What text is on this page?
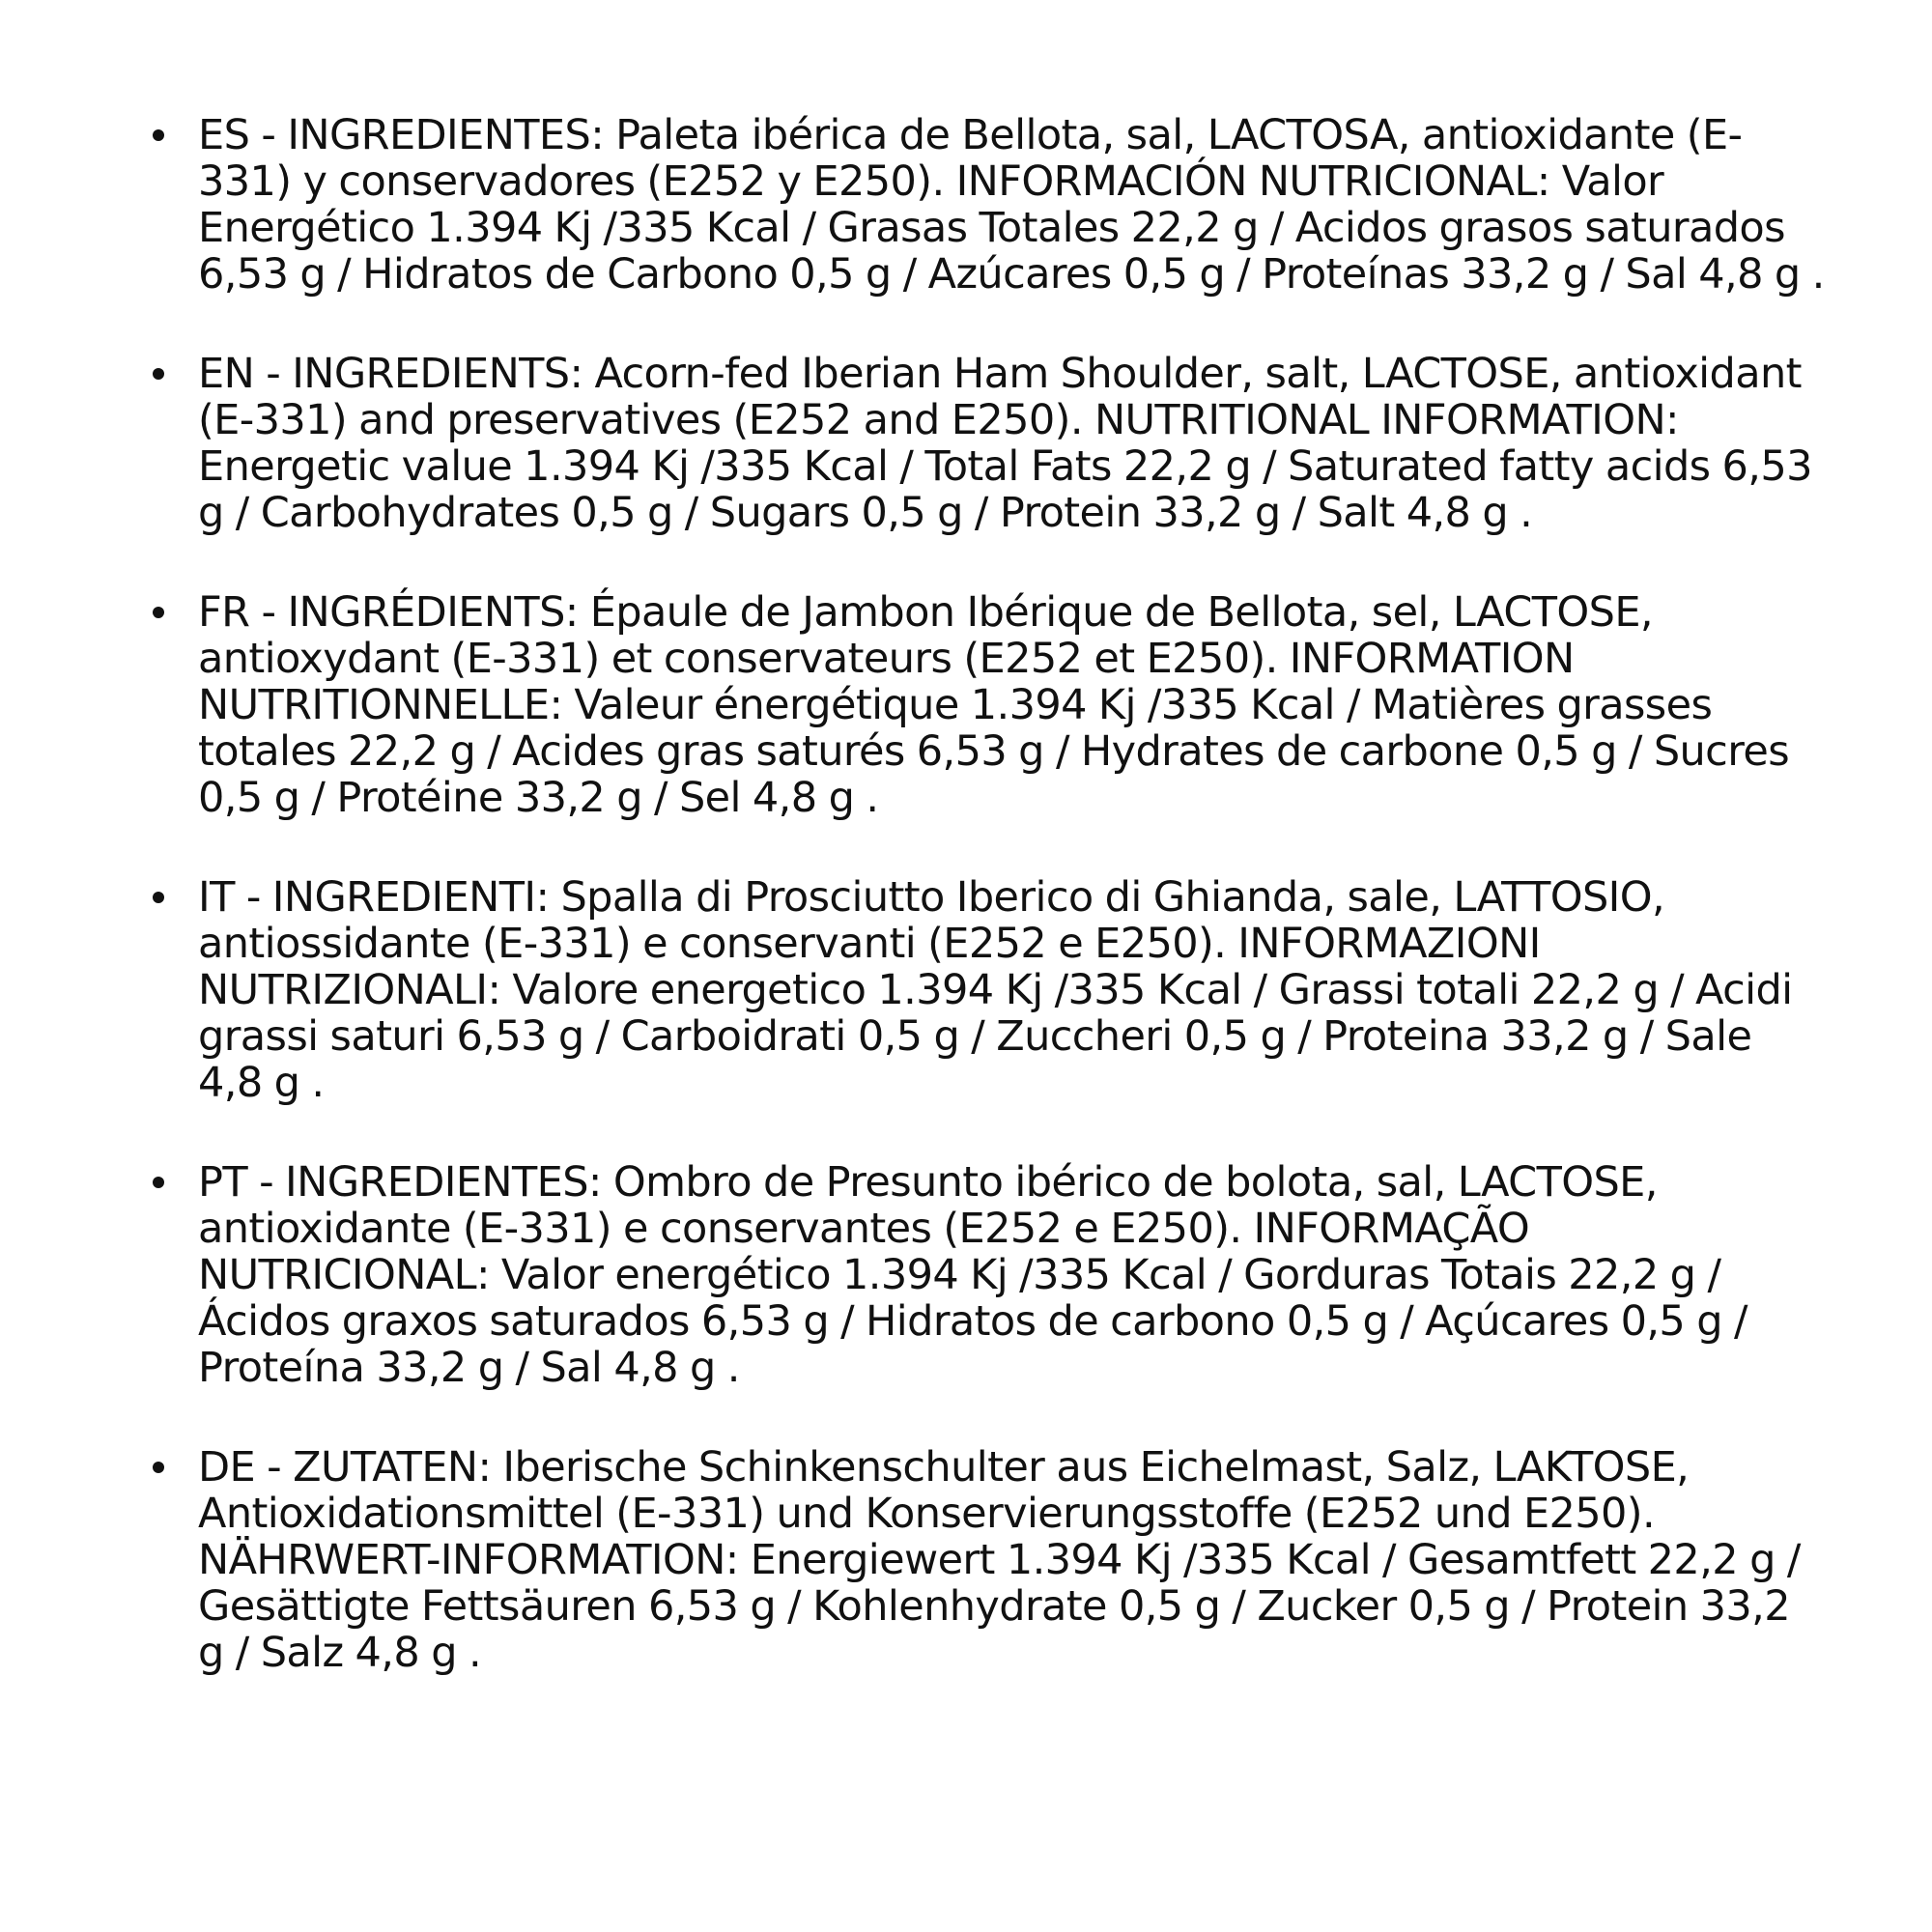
ES - INGREDIENTES: Paleta ibérica de Bellota, sal, LACTOSA, antioxidante (E-331) y conservadores (E252 y E250). INFORMACIÓN NUTRICIONAL: Valor Energético 1.394 Kj /335 Kcal / Grasas Totales 22,2 g / Acidos grasos saturados 6,53 g / Hidratos de Carbono 0,5 g / Azúcares 0,5 g / Proteínas 33,2 g / Sal 4,8 g .
EN - INGREDIENTS: Acorn-fed Iberian Ham Shoulder, salt, LACTOSE, antioxidant (E-331) and preservatives (E252 and E250). NUTRITIONAL INFORMATION: Energetic value 1.394 Kj /335 Kcal / Total Fats 22,2 g / Saturated fatty acids 6,53 g / Carbohydrates 0,5 g / Sugars 0,5 g / Protein 33,2 g / Salt 4,8 g .
FR - INGRÉDIENTS: Épaule de Jambon Ibérique de Bellota, sel, LACTOSE, antioxydant (E-331) et conservateurs (E252 et E250). INFORMATION NUTRITIONNELLE: Valeur énergétique 1.394 Kj /335 Kcal / Matières grasses totales 22,2 g / Acides gras saturés 6,53 g / Hydrates de carbone 0,5 g / Sucres 0,5 g / Protéine 33,2 g / Sel 4,8 g .
IT - INGREDIENTI: Spalla di Prosciutto Iberico di Ghianda, sale, LATTOSIO, antiossidante (E-331) e conservanti (E252 e E250). INFORMAZIONI NUTRIZIONALI: Valore energetico 1.394 Kj /335 Kcal / Grassi totali 22,2 g / Acidi grassi saturi 6,53 g / Carboidrati 0,5 g / Zuccheri 0,5 g / Proteina 33,2 g / Sale 4,8 g .
PT - INGREDIENTES: Ombro de Presunto ibérico de bolota, sal, LACTOSE, antioxidante (E-331) e conservantes (E252 e E250). INFORMAÇÃO NUTRICIONAL: Valor energético 1.394 Kj /335 Kcal / Gorduras Totais 22,2 g / Ácidos graxos saturados 6,53 g / Hidratos de carbono 0,5 g / Açúcares 0,5 g / Proteína 33,2 g / Sal 4,8 g .
DE - ZUTATEN: Iberische Schinkenschulter aus Eichelmast, Salz, LAKTOSE, Antioxidationsmittel (E-331) und Konservierungsstoffe (E252 und E250). NÄHRWERT-INFORMATION: Energiewert 1.394 Kj /335 Kcal / Gesamtfett 22,2 g / Gesättigte Fettsäuren 6,53 g / Kohlenhydrate 0,5 g / Zucker 0,5 g / Protein 33,2 g / Salz 4,8 g .
